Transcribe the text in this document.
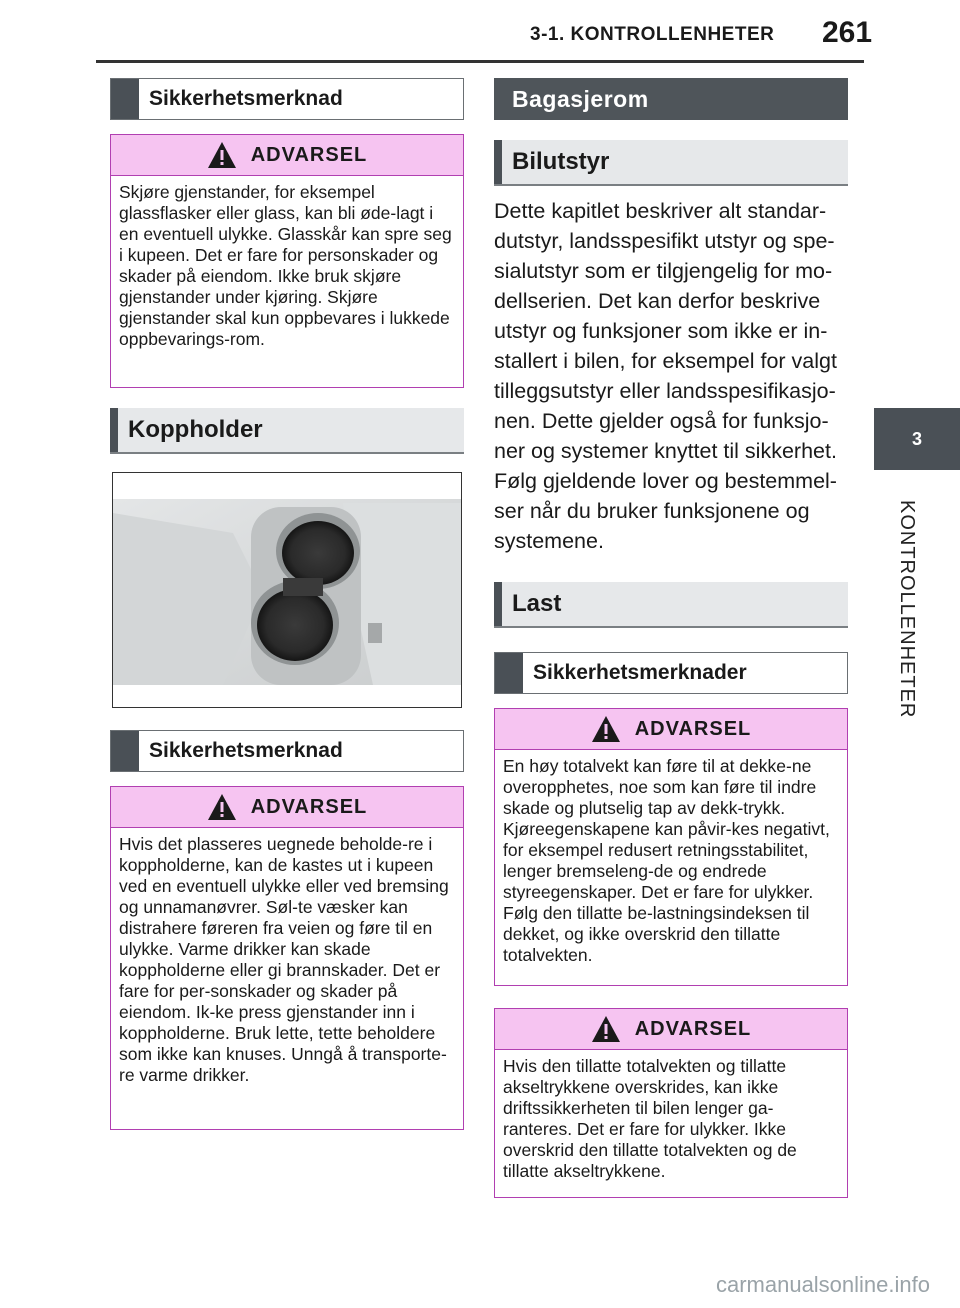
3-1. KONTROLLENHETER 261
3
KONTROLLENHETER
Sikkerhetsmerknad
ADVARSEL
Skjøre gjenstander, for eksempel glassflasker eller glass, kan bli øde-lagt i en eventuell ulykke. Glasskår kan spre seg i kupeen. Det er fare for personskader og skader på eiendom. Ikke bruk skjøre gjenstander under kjøring. Skjøre gjenstander skal kun oppbevares i lukkede oppbevarings-rom.
Koppholder
Sikkerhetsmerknad
ADVARSEL
Hvis det plasseres uegnede beholde-re i koppholderne, kan de kastes ut i kupeen ved en eventuell ulykke eller ved bremsing og unnamanøvrer. Søl-te væsker kan distrahere føreren fra veien og føre til en ulykke. Varme drikker kan skade koppholderne eller gi brannskader. Det er fare for per-sonskader og skader på eiendom. Ik-ke press gjenstander inn i koppholderne. Bruk lette, tette beholdere som ikke kan knuses. Unngå å transporte-re varme drikker.
Bagasjerom
Bilutstyr
Dette kapitlet beskriver alt standar-dutstyr, landsspesifikt utstyr og spe-sialutstyr som er tilgjengelig for mo-dellserien. Det kan derfor beskrive utstyr og funksjoner som ikke er in-stallert i bilen, for eksempel for valgt tilleggsutstyr eller landsspesifikasjo-nen. Dette gjelder også for funksjo-ner og systemer knyttet til sikkerhet. Følg gjeldende lover og bestemmel-ser når du bruker funksjonene og systemene.
Last
Sikkerhetsmerknader
ADVARSEL
En høy totalvekt kan føre til at dekke-ne overopphetes, noe som kan føre til indre skade og plutselig tap av dekk-trykk. Kjøreegenskapene kan påvir-kes negativt, for eksempel redusert retningsstabilitet, lenger bremseleng-de og endrede styreegenskaper. Det er fare for ulykker. Følg den tillatte be-lastningsindeksen til dekket, og ikke overskrid den tillatte totalvekten.
ADVARSEL
Hvis den tillatte totalvekten og tillatte akseltrykkene overskrides, kan ikke driftssikkerheten til bilen lenger ga-ranteres. Det er fare for ulykker. Ikke overskrid den tillatte totalvekten og de tillatte akseltrykkene.
carmanualsonline.info
